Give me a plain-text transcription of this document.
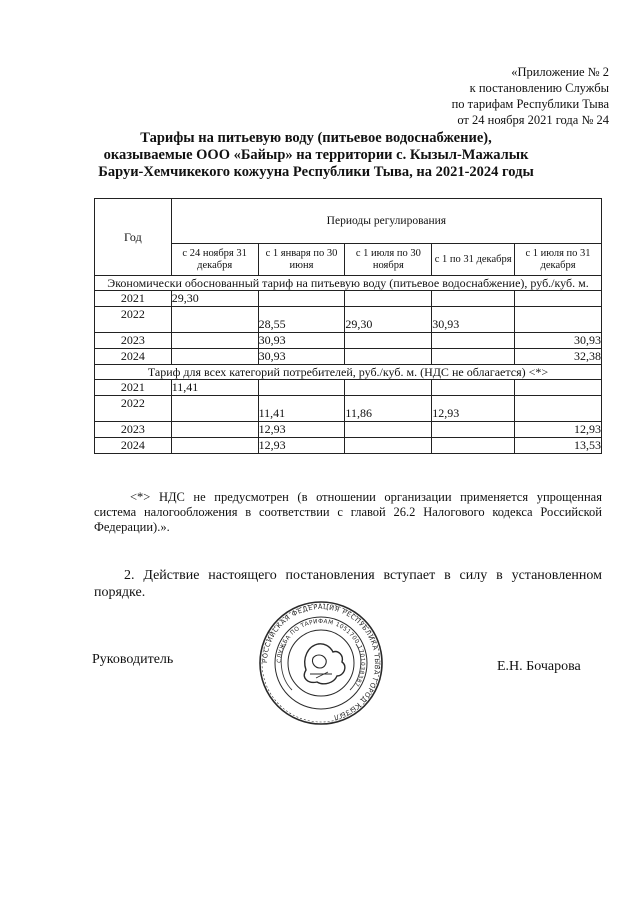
«Приложение № 2
к постановлению Службы
по тарифам Республики Тыва
от 24 ноября 2021 года № 24
Тарифы на питьевую воду (питьевое водоснабжение), оказываемые ООО «Байыр» на территории с. Кызыл-Мажалык Баруи-Хемчикекого кожууна Республики Тыва, на 2021-2024 годы
Год	Периоды регулирования				
	с 24 ноября 31 декабря	с 1 января по 30 июня	с 1 июля по 30 ноября	с 1 по 31 декабря	с 1 июля по 31 декабря
Экономически обоснованный тариф на питьевую воду (питьевое водоснабжение), руб./куб. м.					
2021	29,30				
2022		28,55	29,30	30,93	
2023		30,93			30,93
2024		30,93			32,38
Тариф для всех категорий потребителей, руб./куб. м. (НДС не облагается) <*>					
2021	11,41				
2022		11,41	11,86	12,93	
2023		12,93			12,93
2024		12,93			13,53
<*> НДС не предусмотрен (в отношении организации применяется упрощенная система налогообложения в соответствии с главой 26.2 Налогового кодекса Российской Федерации).».
2. Действие настоящего постановления вступает в силу в установленном порядке.
Руководитель	Е.Н. Бочарова
РОССИЙСКАЯ ФЕДЕРАЦИЯ РЕСПУБЛИКА ТЫВА ГОРОД КЫЗЫЛ
СЛУЖБА ПО ТАРИФАМ 1051700 1701038387
